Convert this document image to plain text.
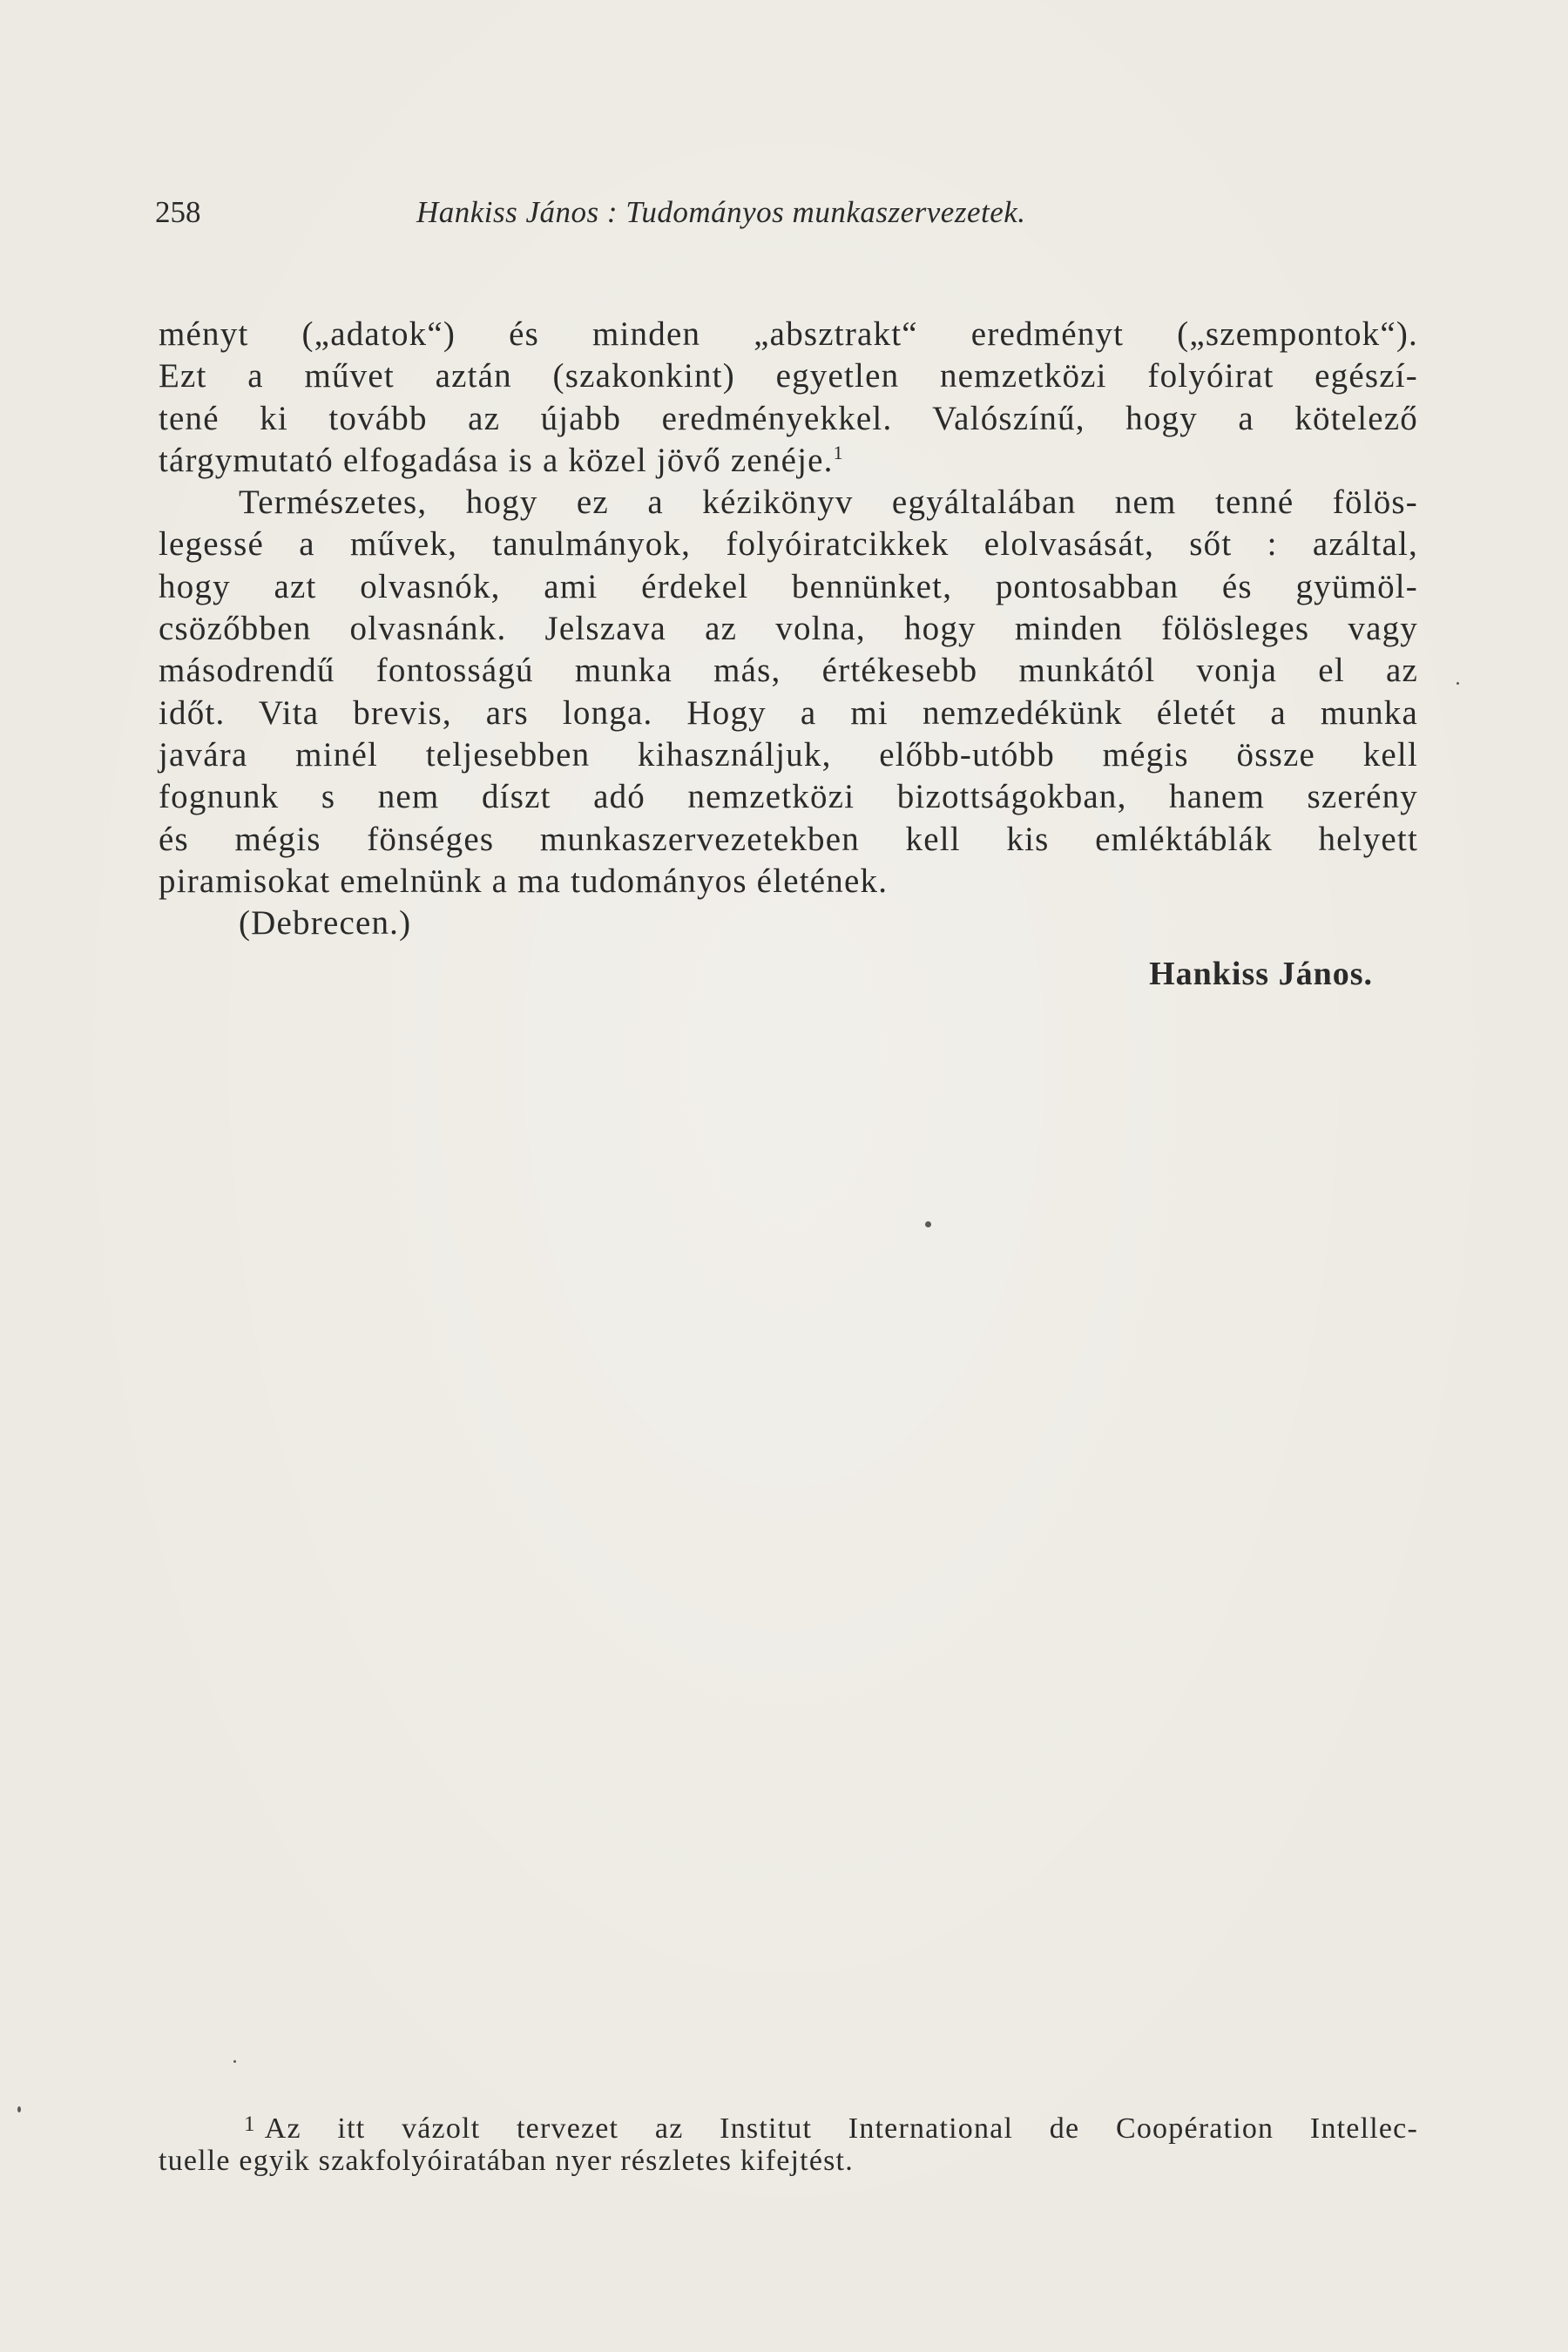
258	Hankiss János : Tudományos munkaszervezetek.
ményt („adatok“) és minden „absztrakt“ eredményt („szempontok“).
Ezt a művet aztán (szakonkint) egyetlen nemzetközi folyóirat egészí-
tené ki tovább az újabb eredményekkel. Valószínű, hogy a kötelező
tárgymutató elfogadása is a közel jövő zenéje.$^1$
Természetes, hogy ez a kézikönyv egyáltalában nem tenné fölös-
legessé a művek, tanulmányok, folyóiratcikkek elolvasását, sőt : azáltal,
hogy azt olvasnók, ami érdekel bennünket, pontosabban és gyümöl-
csözőbben olvasnánk. Jelszava az volna, hogy minden fölösleges vagy
másodrendű fontosságú munka más, értékesebb munkától vonja el az
időt. Vita brevis, ars longa. Hogy a mi nemzedékünk életét a munka
javára minél teljesebben kihasználjuk, előbb-utóbb mégis össze kell
fognunk s nem díszt adó nemzetközi bizottságokban, hanem szerény
és mégis fönséges munkaszervezetekben kell kis emléktáblák helyett
piramisokat emelnünk a ma tudományos életének.
(Debrecen.)
Hankiss János.
$^1$ Az itt vázolt tervezet az Institut International de Coopération Intellec-
tuelle egyik szakfolyóiratában nyer részletes kifejtést.
